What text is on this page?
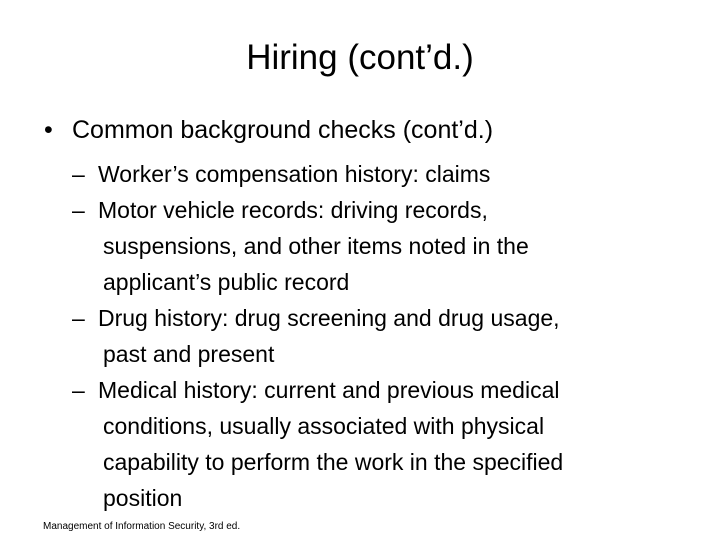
Hiring (cont’d.)
• Common background checks (cont’d.)
– Worker’s compensation history: claims
– Motor vehicle records: driving records,
suspensions, and other items noted in the
applicant’s public record
– Drug history: drug screening and drug usage,
past and present
– Medical history: current and previous medical
conditions, usually associated with physical
capability to perform the work in the specified
position
Management of Information Security, 3rd ed.
